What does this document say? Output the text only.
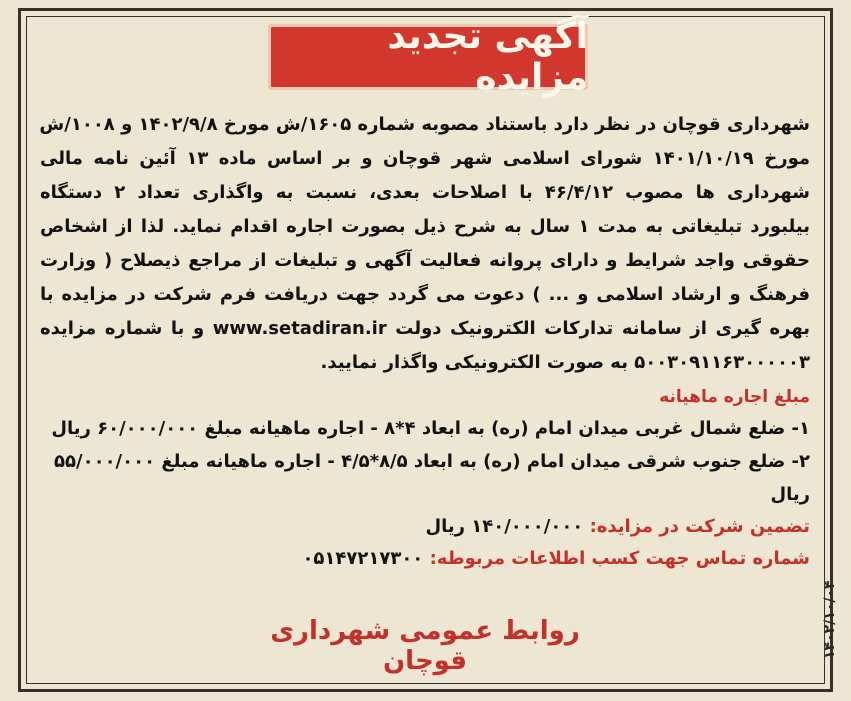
آگهی تجدید مزایده
شهرداری قوچان در نظر دارد باستناد مصوبه شماره ۱۶۰۵/ش مورخ ۱۴۰۲/۹/۸ و ۱۰۰۸/ش
مورخ ۱۴۰۱/۱۰/۱۹ شورای اسلامی شهر قوچان و بر اساس ماده ۱۳ آئین نامه مالی
شهرداری ها مصوب ۴۶/۴/۱۲ با اصلاحات بعدی، نسبت به واگذاری تعداد ۲ دستگاه
بیلبورد تبلیغاتی به مدت ۱ سال به شرح ذیل بصورت اجاره اقدام نماید. لذا از اشخاص
حقوقی واجد شرایط و دارای پروانه فعالیت آگهی و تبلیغات از مراجع ذیصلاح ( وزارت
فرهنگ و ارشاد اسلامی و ... ) دعوت می گردد جهت دریافت فرم شرکت در مزایده با
بهره گیری از سامانه تدارکات الکترونیک دولت www.setadiran.ir و با شماره مزایده
۵۰۰۳۰۹۱۱۶۳۰۰۰۰۰۳ به صورت الکترونیکی واگذار نمایید.
مبلغ اجاره ماهیانه
۱- ضلع شمال غربی میدان امام (ره) به ابعاد ۴*۸ - اجاره ماهیانه مبلغ ۶۰/۰۰۰/۰۰۰ ریال
۲- ضلع جنوب شرقی میدان امام (ره) به ابعاد ۸/۵*۴/۵ - اجاره ماهیانه مبلغ ۵۵/۰۰۰/۰۰۰
ریال
تضمین شرکت در مزایده: ۱۴۰/۰۰۰/۰۰۰ ریال
شماره تماس جهت کسب اطلاعات مربوطه: ۰۵۱۴۷۲۱۷۳۰۰
روابط عمومی شهرداری قوچان
۱۴۰۲/۱۰/۰۴
